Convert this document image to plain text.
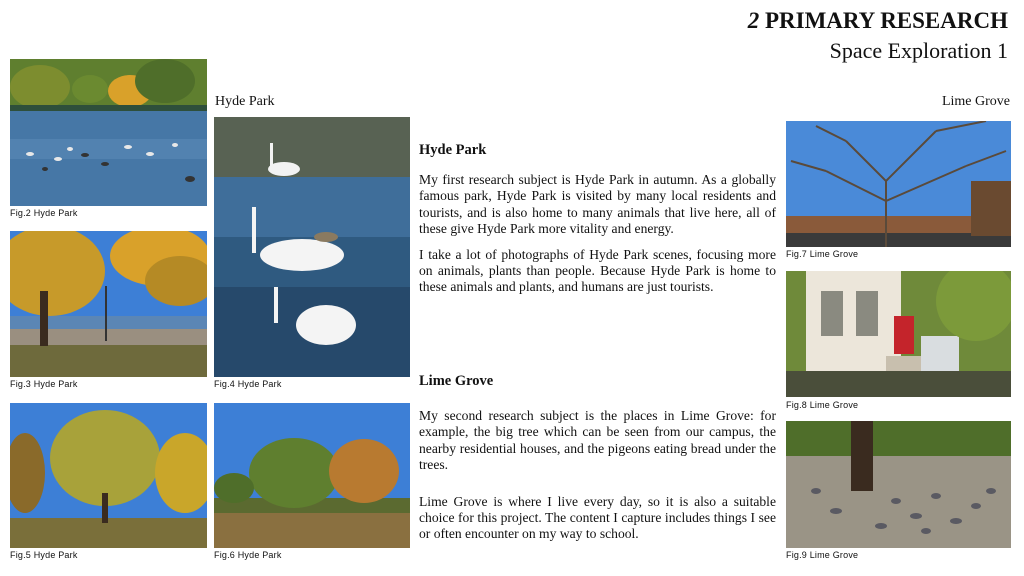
2 PRIMARY RESEARCH
Space Exploration 1
Hyde Park	Lime Grove
Fig.2 Hyde Park
Fig.3 Hyde Park	Fig.4 Hyde Park
Fig.5 Hyde Park	Fig.6 Hyde Park
Fig.7 Lime Grove
Fig.8 Lime Grove
Fig.9 Lime Grove
Hyde Park

My first research subject is Hyde Park in autumn. As a globally famous park, Hyde Park is visited by many local residents and tourists, and is also home to many animals that live here, all of these give Hyde Park more vitality and energy.

I take a lot of photographs of Hyde Park scenes, focusing more on animals, plants than people. Because Hyde Park is home to these animals and plants, and humans are just tourists.

Lime Grove

My second research subject is the places in Lime Grove: for example, the big tree which can be seen from our campus, the nearby residential houses, and the pigeons eating bread under the trees.

Lime Grove is where I live every day, so it is also a suitable choice for this project. The content I capture includes things I see or often encounter on my way to school.
